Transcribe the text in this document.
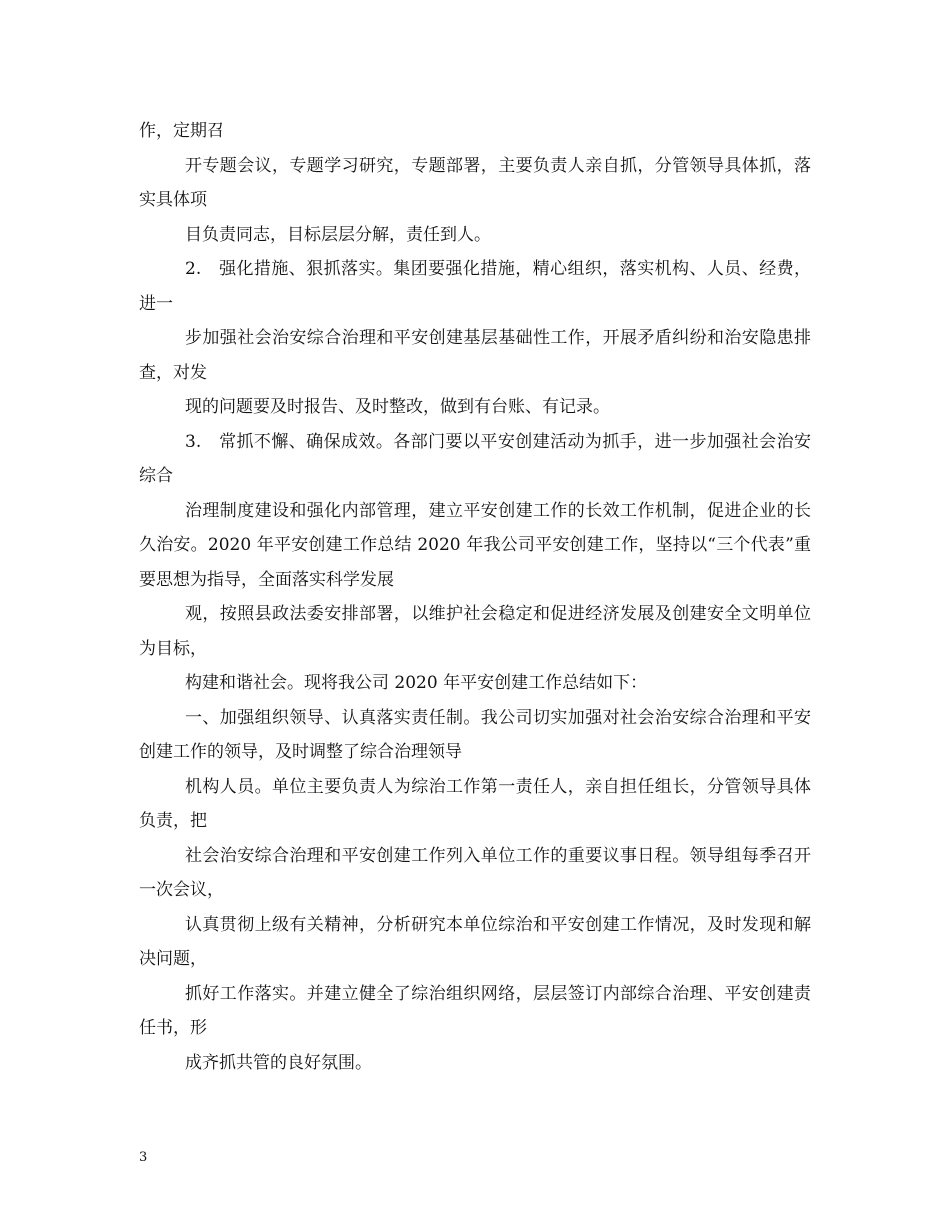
作，定期召

开专题会议，专题学习研究，专题部署，主要负责人亲自抓，分管领导具体抓，落实具体项

目负责同志，目标层层分解，责任到人。

2.　强化措施、狠抓落实。集团要强化措施，精心组织，落实机构、人员、经费，进一

步加强社会治安综合治理和平安创建基层基础性工作，开展矛盾纠纷和治安隐患排查，对发

现的问题要及时报告、及时整改，做到有台账、有记录。

3.　常抓不懈、确保成效。各部门要以平安创建活动为抓手，进一步加强社会治安综合

治理制度建设和强化内部管理，建立平安创建工作的长效工作机制，促进企业的长久治安。2020 年平安创建工作总结 2020 年我公司平安创建工作，坚持以“三个代表”重要思想为指导，全面落实科学发展

观，按照县政法委安排部署，以维护社会稳定和促进经济发展及创建安全文明单位为目标，

构建和谐社会。现将我公司 2020 年平安创建工作总结如下：

一、加强组织领导、认真落实责任制。我公司切实加强对社会治安综合治理和平安创建工作的领导，及时调整了综合治理领导

机构人员。单位主要负责人为综治工作第一责任人，亲自担任组长，分管领导具体负责，把

社会治安综合治理和平安创建工作列入单位工作的重要议事日程。领导组每季召开一次会议，

认真贯彻上级有关精神，分析研究本单位综治和平安创建工作情况，及时发现和解决问题，

抓好工作落实。并建立健全了综治组织网络，层层签订内部综合治理、平安创建责任书，形

成齐抓共管的良好氛围。

3
